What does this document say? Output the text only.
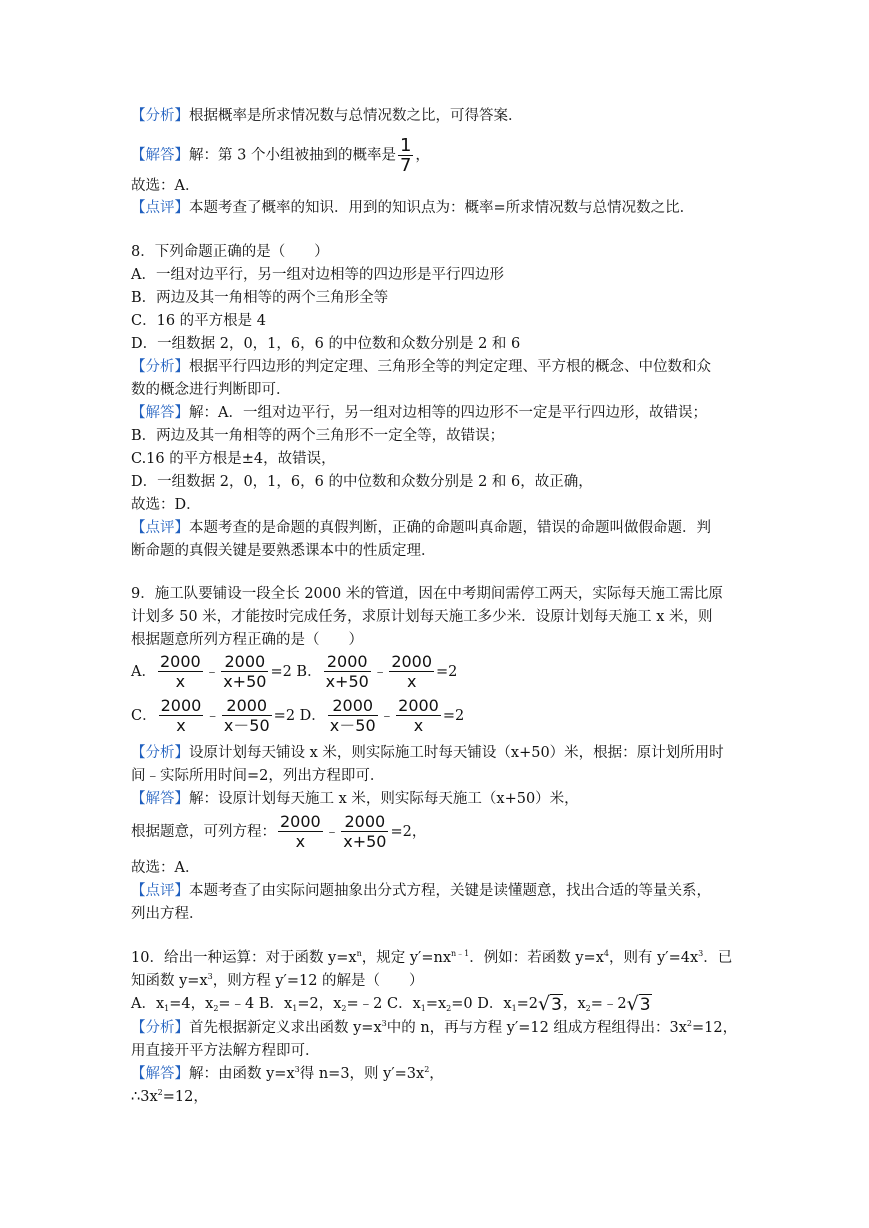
【分析】根据概率是所求情况数与总情况数之比，可得答案．
【解答】解：第 3 个小组被抽到的概率是 $\frac{1}{7}$ ，
故选：A．
【点评】本题考查了概率的知识．用到的知识点为：概率=所求情况数与总情况数之比．
8．下列命题正确的是（　　）
A．一组对边平行，另一组对边相等的四边形是平行四边形
B．两边及其一角相等的两个三角形全等
C．16 的平方根是 4
D．一组数据 2，0，1，6，6 的中位数和众数分别是 2 和 6
【分析】根据平行四边形的判定定理、三角形全等的判定定理、平方根的概念、中位数和众
数的概念进行判断即可．
【解答】解：A．一组对边平行，另一组对边相等的四边形不一定是平行四边形，故错误；
B．两边及其一角相等的两个三角形不一定全等，故错误；
C.16 的平方根是±4，故错误，
D．一组数据 2，0，1，6，6 的中位数和众数分别是 2 和 6，故正确，
故选：D．
【点评】本题考查的是命题的真假判断，正确的命题叫真命题，错误的命题叫做假命题．判
断命题的真假关键是要熟悉课本中的性质定理．
9．施工队要铺设一段全长 2000 米的管道，因在中考期间需停工两天，实际每天施工需比原
计划多 50 米，才能按时完成任务，求原计划每天施工多少米．设原计划每天施工 x 米，则
根据题意所列方程正确的是（　　）
A． $\frac{2000}{x}$ ﹣ $\frac{2000}{x+50} =2$ B． $\frac{2000}{x+50}$ ﹣ $\frac{2000}{x} =2$
C． $\frac{2000}{x}$ ﹣ $\frac{2000}{x-50} =2$ D． $\frac{2000}{x-50}$ ﹣ $\frac{2000}{x} =2$
【分析】设原计划每天铺设 x 米，则实际施工时每天铺设（x+50）米，根据：原计划所用时
间﹣实际所用时间=2，列出方程即可．
【解答】解：设原计划每天施工 x 米，则实际每天施工（x+50）米，
根据题意，可列方程： $\frac{2000}{x}$ ﹣ $\frac{2000}{x+50} =2$，
故选：A．
【点评】本题考查了由实际问题抽象出分式方程，关键是读懂题意，找出合适的等量关系，
列出方程．
10．给出一种运算：对于函数 $y=x^n$，规定 $y'=nx^{n﹣1}$．例如：若函数 $y=x^4$，则有 $y'=4x^3$．已
知函数 $y=x^3$，则方程 y′=12 的解是（　　）
A．$x_1=4$，$x_2=﹣4$ B．$x_1=2$，$x_2=﹣2$ C．$x_1=x_2=0$ D．$x_1=2√3$，$x_2=﹣2√3$
【分析】首先根据新定义求出函数 $y=x^3$中的 n，再与方程 y′=12 组成方程组得出：$3x^2=12$，
用直接开平方法解方程即可．
【解答】解：由函数 $y=x^3$得 n=3，则 $y'=3x^2$，
$\therefore 3x^2=12$，
